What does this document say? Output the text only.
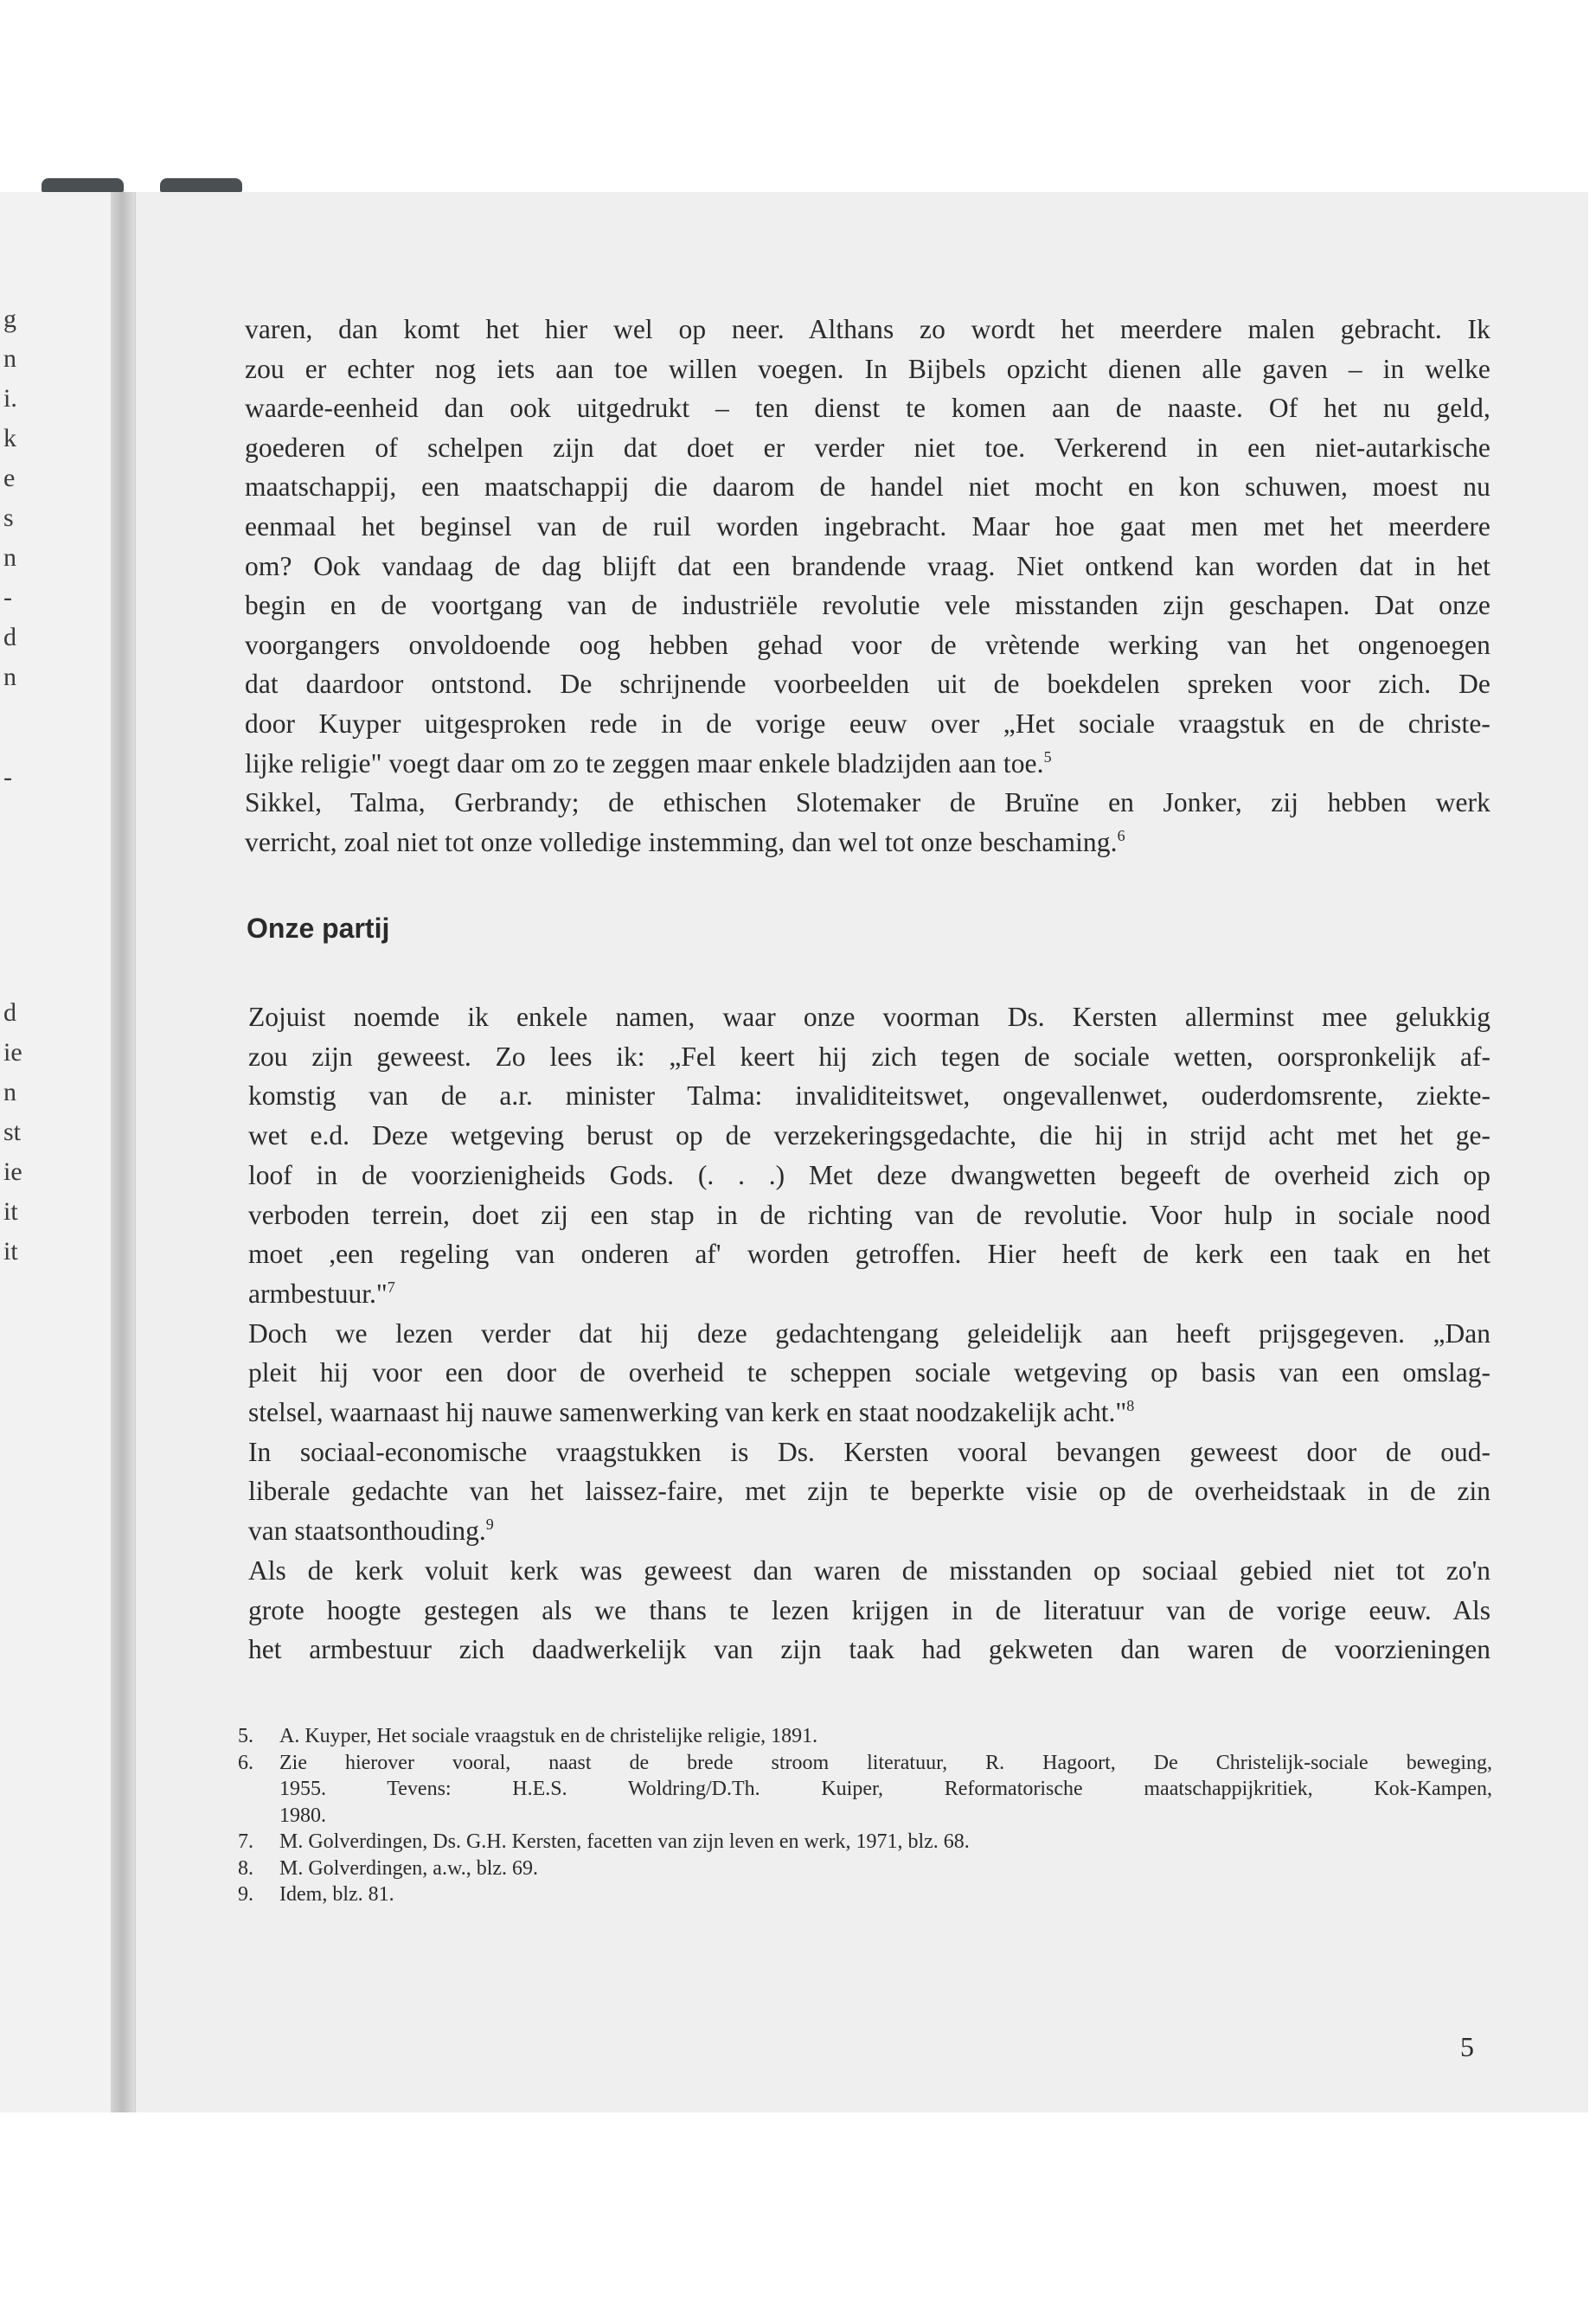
g
n
i.
k
e
s
n
-
d
n
-
d
ie
n
st
ie
it
it
varen, dan komt het hier wel op neer. Althans zo wordt het meerdere malen gebracht. Ik
zou er echter nog iets aan toe willen voegen. In Bijbels opzicht dienen alle gaven – in welke
waarde-eenheid dan ook uitgedrukt – ten dienst te komen aan de naaste. Of het nu geld,
goederen of schelpen zijn dat doet er verder niet toe. Verkerend in een niet-autarkische
maatschappij, een maatschappij die daarom de handel niet mocht en kon schuwen, moest nu
eenmaal het beginsel van de ruil worden ingebracht. Maar hoe gaat men met het meerdere
om? Ook vandaag de dag blijft dat een brandende vraag. Niet ontkend kan worden dat in het
begin en de voortgang van de industriële revolutie vele misstanden zijn geschapen. Dat onze
voorgangers onvoldoende oog hebben gehad voor de vrètende werking van het ongenoegen
dat daardoor ontstond. De schrijnende voorbeelden uit de boekdelen spreken voor zich. De
door Kuyper uitgesproken rede in de vorige eeuw over „Het sociale vraagstuk en de christe-
lijke religie" voegt daar om zo te zeggen maar enkele bladzijden aan toe.$^5$
Sikkel, Talma, Gerbrandy; de ethischen Slotemaker de Bruïne en Jonker, zij hebben werk
verricht, zoal niet tot onze volledige instemming, dan wel tot onze beschaming.$^6$
Onze partij
Zojuist noemde ik enkele namen, waar onze voorman Ds. Kersten allerminst mee gelukkig
zou zijn geweest. Zo lees ik: „Fel keert hij zich tegen de sociale wetten, oorspronkelijk af-
komstig van de a.r. minister Talma: invaliditeitswet, ongevallenwet, ouderdomsrente, ziekte-
wet e.d. Deze wetgeving berust op de verzekeringsgedachte, die hij in strijd acht met het ge-
loof in de voorzienigheids Gods. (. . .) Met deze dwangwetten begeeft de overheid zich op
verboden terrein, doet zij een stap in de richting van de revolutie. Voor hulp in sociale nood
moet ,een regeling van onderen af' worden getroffen. Hier heeft de kerk een taak en het
armbestuur."$^7$
Doch we lezen verder dat hij deze gedachtengang geleidelijk aan heeft prijsgegeven. „Dan
pleit hij voor een door de overheid te scheppen sociale wetgeving op basis van een omslag-
stelsel, waarnaast hij nauwe samenwerking van kerk en staat noodzakelijk acht."$^8$
In sociaal-economische vraagstukken is Ds. Kersten vooral bevangen geweest door de oud-
liberale gedachte van het laissez-faire, met zijn te beperkte visie op de overheidstaak in de zin
van staatsonthouding.$^9$
Als de kerk voluit kerk was geweest dan waren de misstanden op sociaal gebied niet tot zo'n
grote hoogte gestegen als we thans te lezen krijgen in de literatuur van de vorige eeuw. Als
het armbestuur zich daadwerkelijk van zijn taak had gekweten dan waren de voorzieningen
5. A. Kuyper, Het sociale vraagstuk en de christelijke religie, 1891.
6. Zie hierover vooral, naast de brede stroom literatuur, R. Hagoort, De Christelijk-sociale beweging,
1955. Tevens: H.E.S. Woldring/D.Th. Kuiper, Reformatorische maatschappijkritiek, Kok-Kampen,
1980.
7. M. Golverdingen, Ds. G.H. Kersten, facetten van zijn leven en werk, 1971, blz. 68.
8. M. Golverdingen, a.w., blz. 69.
9. Idem, blz. 81.
5
